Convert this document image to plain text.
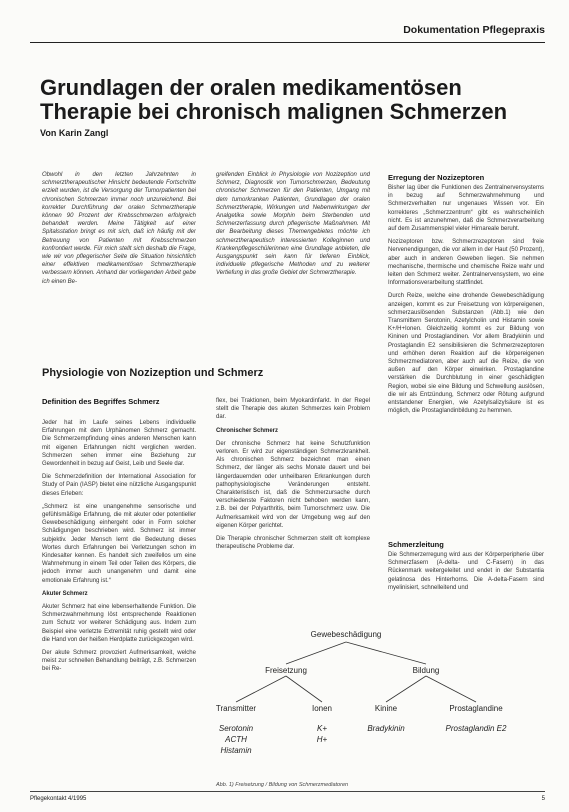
Dokumentation Pflegepraxis
Grundlagen der oralen medikamentösen Therapie bei chronisch malignen Schmerzen
Von Karin Zangl

Obwohl in den letzten Jahrzehnten in schmerztherapeutischer Hinsicht bedeutende Fortschritte erzielt wurden, ist die Versorgung der Tumorpatienten bei chronischen Schmerzen immer noch unzureichend. Bei korrekter Durchführung der oralen Schmerztherapie können 90 Prozent der Krebsschmerzen erfolgreich behandelt werden. Meine Tätigkeit auf einer Spitalsstation bringt es mit sich, daß ich häufig mit der Betreuung von Patienten mit Krebsschmerzen konfrontiert werde. Für mich stellt sich deshalb die Frage, wie wir von pflegerischer Seite die Situation hinsichtlich einer effektiven medikamentösen Schmerztherapie verbessern können. Anhand der vorliegenden Arbeit gebe ich einen Be-

greifenden Einblick in Physiologie von Nozizeption und Schmerz, Diagnostik von Tumorschmerzen, Bedeutung chronischer Schmerzen für den Patienten, Umgang mit dem tumorkranken Patienten, Grundlagen der oralen Schmerztherapie, Wirkungen und Nebenwirkungen der Analgetika sowie Morphin beim Sterbenden und Schmerzerfassung durch pflegerische Maßnahmen. Mit der Bearbeitung dieses Themengebietes möchte ich schmerztherapeutisch interessierten Kolleginnen und Krankenpflegeschülerinnen eine Grundlage anbieten, die Ausgangspunkt sein kann für tieferen Einblick, individuelle pflegerische Methoden und zu weiterer Vertiefung in das große Gebiet der Schmerztherapie.

Erregung der Nozizeptoren

Bisher lag über die Funktionen des Zentralnervensystems in bezug auf Schmerzwahrnehmung und Schmerzverhalten nur ungenaues Wissen vor. Ein korrekteres „Schmerzzentrum“ gibt es wahrscheinlich nicht. Es ist anzunehmen, daß die Schmerzverarbeitung auf dem Zusammenspiel vieler Hirnareale beruht.

Nozizeptoren bzw. Schmerzrezeptoren sind freie Nervenendigungen, die vor allem in der Haut (50 Prozent), aber auch in anderen Geweben liegen. Sie nehmen mechanische, thermische und chemische Reize wahr und leiten den Schmerz weiter. Zentralnervensystem, wo eine Informationsverarbeitung stattfindet.

Durch Reize, welche eine drohende Gewebeschädigung anzeigen, kommt es zur Freisetzung von körpereigenen, schmerzauslösenden Substanzen (Abb.1) wie den Transmittern Serotonin, Azetylcholin und Histamin sowie K+/H+Ionen. Gleichzeitig kommt es zur Bildung von Kininen und Prostaglandinen. Vor allem Bradykinin und Prostaglandin E2 sensibilisieren die Schmerzrezeptoren und erhöhen deren Reaktion auf die körpereigenen Schmerzmediatoren, aber auch auf die Reize, die von außen auf den Körper einwirken. Prostaglandine verstärken die Durchblutung in einer geschädigten Region, wobei sie eine Bildung und Schwellung auslösen, die wir als Entzündung, Schmerz oder Rötung aufgrund entstandener Energien, wie Azetylsalizylsäure ist es möglich, die Prostaglandinbildung zu hemmen.

Schmerzleitung

Die Schmerzerregung wird aus der Körperperipherie über Schmerzfasern (A-delta- und C-Fasern) in das Rückenmark weitergeleitet und endet in der Substantia gelatinosa des Hinterhorns. Die A-delta-Fasern sind myelinisiert, schnelleitend und

Physiologie von Nozizeption und Schmerz
Definition des Begriffes Schmerz

Jeder hat im Laufe seines Lebens individuelle Erfahrungen mit dem Urphänomen Schmerz gemacht. Die Schmerzempfindung eines anderen Menschen kann mit eigenen Erfahrungen nicht verglichen werden. Schmerzen sehen immer eine Beziehung zur Gewordenheit in bezug auf Geist, Leib und Seele dar.

Die Schmerzdefinition der International Association for Study of Pain (IASP) bietet eine nützliche Ausgangspunkt dieses Erleben:

„Schmerz ist eine unangenehme sensorische und gefühlsmäßige Erfahrung, die mit akuter oder potentieller Gewebeschädigung einhergeht oder in Form solcher Schädigungen beschrieben wird. Schmerz ist immer subjektiv. Jeder Mensch lernt die Bedeutung dieses Wortes durch Erfahrungen bei Verletzungen schon im Kindesalter kennen. Es handelt sich zweifellos um eine Wahrnehmung in einem Teil oder Teilen des Körpers, die jedoch immer auch unangenehm und damit eine emotionale Erfahrung ist.“

Akuter Schmerz

Akuter Schmerz hat eine lebenserhaltende Funktion. Die Schmerzwahrnehmung löst entsprechende Reaktionen zum Schutz vor weiterer Schädigung aus. Indem zum Beispiel eine verletzte Extremität ruhig gestellt wird oder die Hand von der heißen Herdplatte zurückgezogen wird.

Der akute Schmerz provoziert Aufmerksamkeit, welche meist zur schnellen Behandlung beiträgt, z.B. Schmerzen bei Re-

flex, bei Traktionen, beim Myokardinfarkt. In der Regel stellt die Therapie des akuten Schmerzes kein Problem dar.

Chronischer Schmerz

Der chronische Schmerz hat keine Schutzfunktion verloren. Er wird zur eigenständigen Schmerzkrankheit. Als chronischen Schmerz bezeichnet man einen Schmerz, der länger als sechs Monate dauert und bei längerdauernden oder unheilbaren Erkrankungen durch pathophysiologische Veränderungen entsteht. Charakteristisch ist, daß die Schmerzursache durch verschiedenste Faktoren nicht behoben werden kann, z.B. bei der Polyarthritis, beim Tumorschmerz usw. Die Aufmerksamkeit wird von der Umgebung weg auf den eigenen Körper gerichtet.

Die Therapie chronischer Schmerzen stellt oft komplexe therapeutische Probleme dar.

Gewebeschädigung
Freisetzung	Bildung
Transmitter	Ionen	Kinine	Prostaglandine
Serotonin
ACTH
Histamin
K+
H+
Bradykinin	Prostaglandin E2
Abb. 1) Freisetzung / Bildung von Schmerzmediatoren
Pflegekontakt 4/1995	5
